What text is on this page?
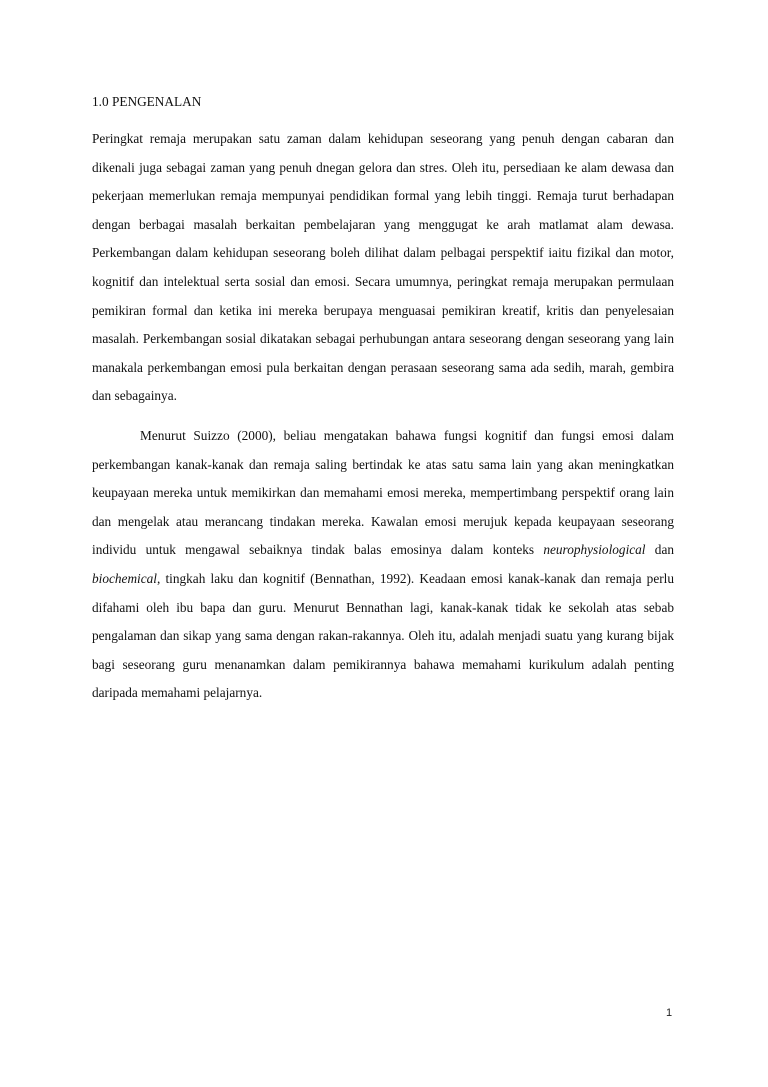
1.0 PENGENALAN

Peringkat remaja merupakan satu zaman dalam kehidupan seseorang yang penuh dengan cabaran dan dikenali juga sebagai zaman yang penuh dnegan gelora dan stres. Oleh itu, persediaan ke alam dewasa dan pekerjaan memerlukan remaja mempunyai pendidikan formal yang lebih tinggi. Remaja turut berhadapan dengan berbagai masalah berkaitan pembelajaran yang menggugat ke arah matlamat alam dewasa. Perkembangan dalam kehidupan seseorang boleh dilihat dalam pelbagai perspektif iaitu fizikal dan motor, kognitif dan intelektual serta sosial dan emosi. Secara umumnya, peringkat remaja merupakan permulaan pemikiran formal dan ketika ini mereka berupaya menguasai pemikiran kreatif, kritis dan penyelesaian masalah. Perkembangan sosial dikatakan sebagai perhubungan antara seseorang dengan seseorang yang lain manakala perkembangan emosi pula berkaitan dengan perasaan seseorang sama ada sedih, marah, gembira dan sebagainya.

Menurut Suizzo (2000), beliau mengatakan bahawa fungsi kognitif dan fungsi emosi dalam perkembangan kanak-kanak dan remaja saling bertindak ke atas satu sama lain yang akan meningkatkan keupayaan mereka untuk memikirkan dan memahami emosi mereka, mempertimbang perspektif orang lain dan mengelak atau merancang tindakan mereka. Kawalan emosi merujuk kepada keupayaan seseorang individu untuk mengawal sebaiknya tindak balas emosinya dalam konteks neurophysiological dan biochemical, tingkah laku dan kognitif (Bennathan, 1992). Keadaan emosi kanak-kanak dan remaja perlu difahami oleh ibu bapa dan guru. Menurut Bennathan lagi, kanak-kanak tidak ke sekolah atas sebab pengalaman dan sikap yang sama dengan rakan-rakannya. Oleh itu, adalah menjadi suatu yang kurang bijak bagi seseorang guru menanamkan dalam pemikirannya bahawa memahami kurikulum adalah penting daripada memahami pelajarnya.

1
